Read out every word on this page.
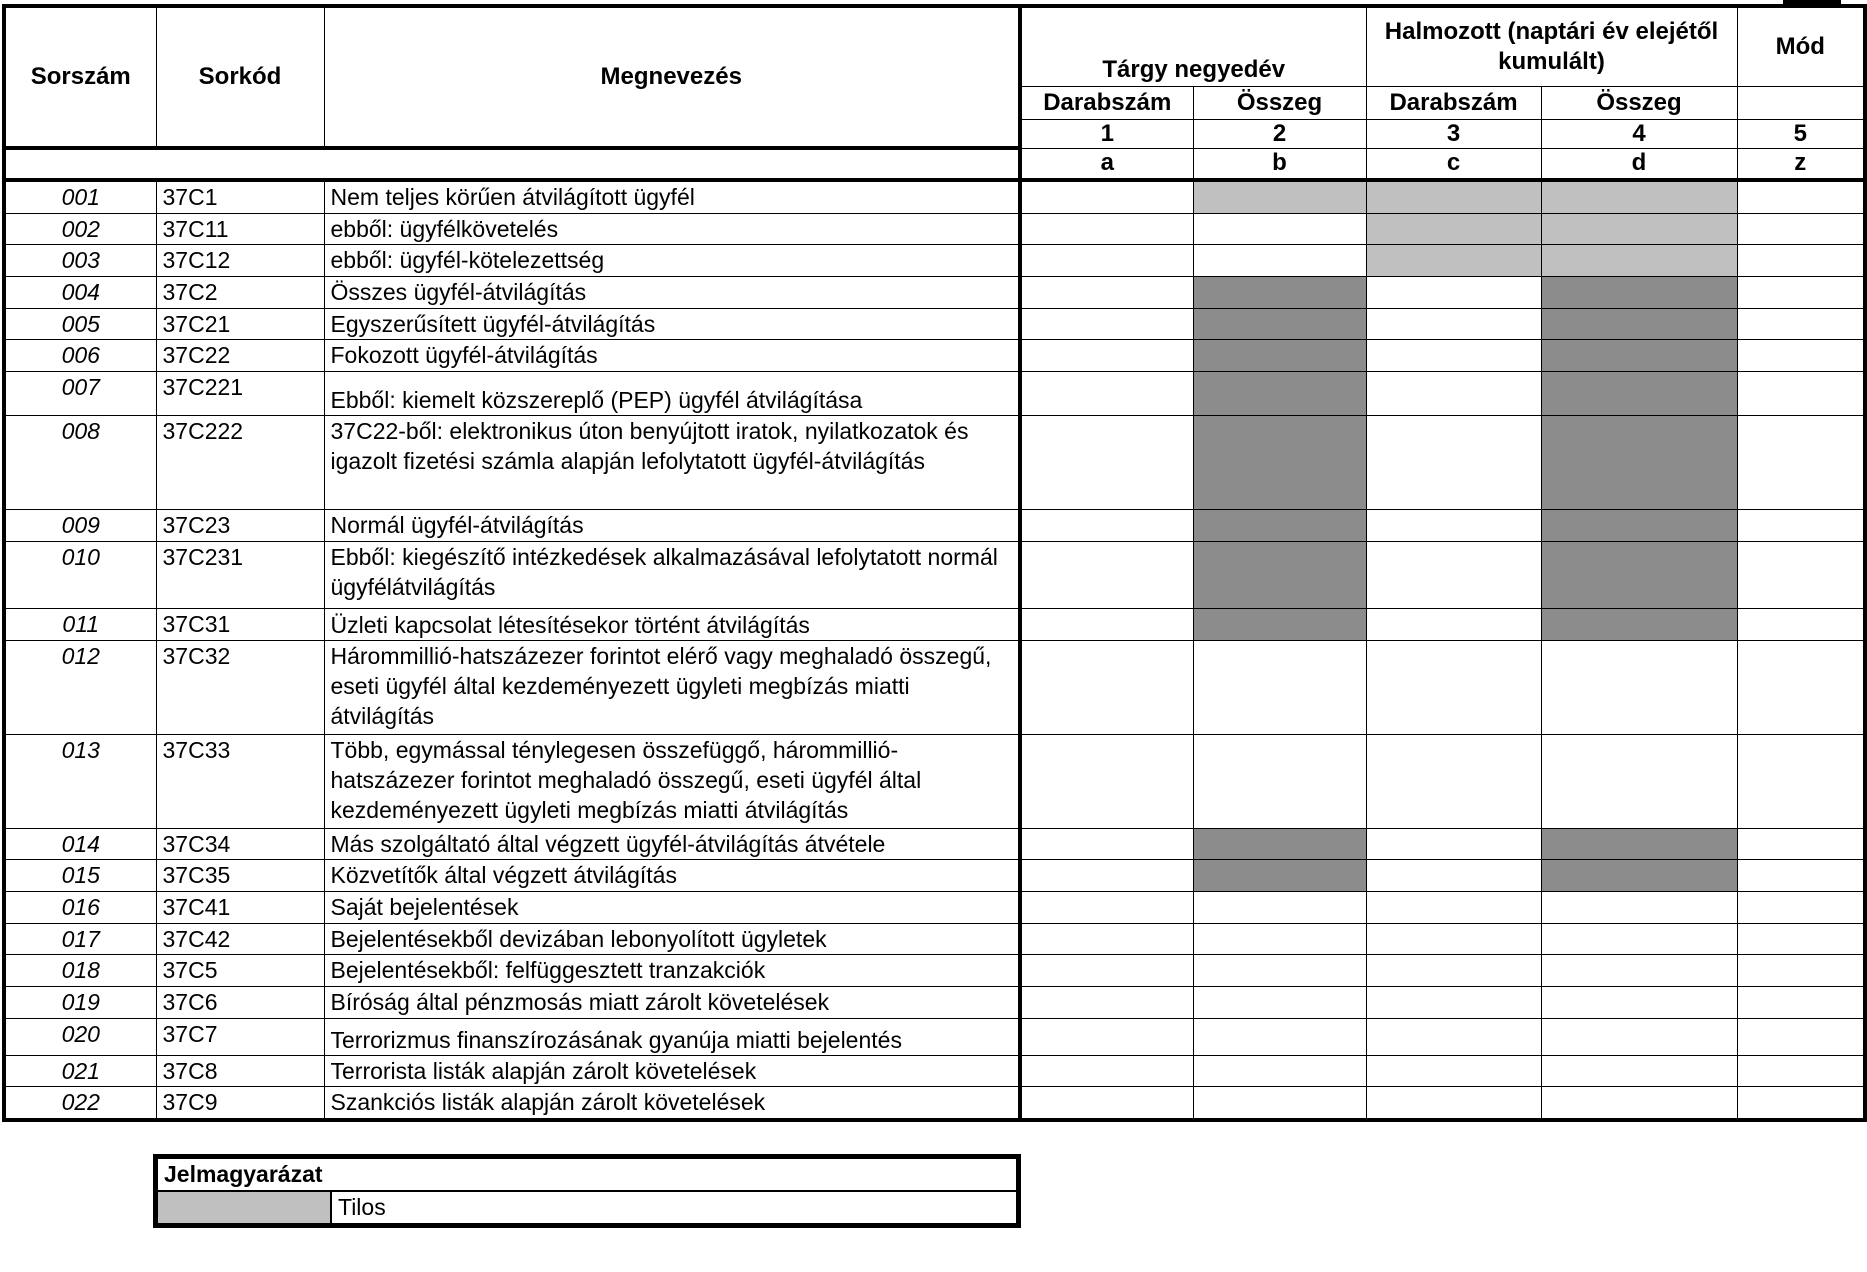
Sorszám	Sorkód	Megnevezés	Tárgy negyedév		Halmozott (naptári év elejétől kumulált)		Mód

			Darabszám	Összeg	Darabszám	Összeg	
			1	2	3	4	5
			a	b	c	d	z
001	37C1	Nem teljes körűen átvilágított ügyfél					
002	37C11	ebből: ügyfélkövetelés					
003	37C12	ebből: ügyfél-kötelezettség					
004	37C2	Összes ügyfél-átvilágítás					
005	37C21	Egyszerűsített ügyfél-átvilágítás					
006	37C22	Fokozott ügyfél-átvilágítás					
007	37C221	Ebből: kiemelt közszereplő (PEP) ügyfél átvilágítása					
008	37C222	37C22-ből: elektronikus úton benyújtott iratok, nyilatkozatok és igazolt fizetési számla alapján lefolytatott ügyfél-átvilágítás					
009	37C23	Normál ügyfél-átvilágítás					
010	37C231	Ebből: kiegészítő intézkedések alkalmazásával lefolytatott normál ügyfélátvilágítás					
011	37C31	Üzleti kapcsolat létesítésekor történt átvilágítás					
012	37C32	Hárommillió-hatszázezer forintot elérő vagy meghaladó összegű, eseti ügyfél által kezdeményezett ügyleti megbízás miatti átvilágítás					
013	37C33	Több, egymással ténylegesen összefüggő, hárommillió-hatszázezer forintot meghaladó összegű, eseti ügyfél által kezdeményezett ügyleti megbízás miatti átvilágítás					
014	37C34	Más szolgáltató által végzett ügyfél-átvilágítás átvétele					
015	37C35	Közvetítők által végzett átvilágítás					
016	37C41	Saját bejelentések					
017	37C42	Bejelentésekből devizában lebonyolított ügyletek					
018	37C5	Bejelentésekből: felfüggesztett tranzakciók					
019	37C6	Bíróság által pénzmosás miatt zárolt követelések					
020	37C7	Terrorizmus finanszírozásának gyanúja miatti bejelentés					
021	37C8	Terrorista listák alapján zárolt követelések					
022	37C9	Szankciós listák alapján zárolt követelések					
Jelmagyarázat
	Tilos
